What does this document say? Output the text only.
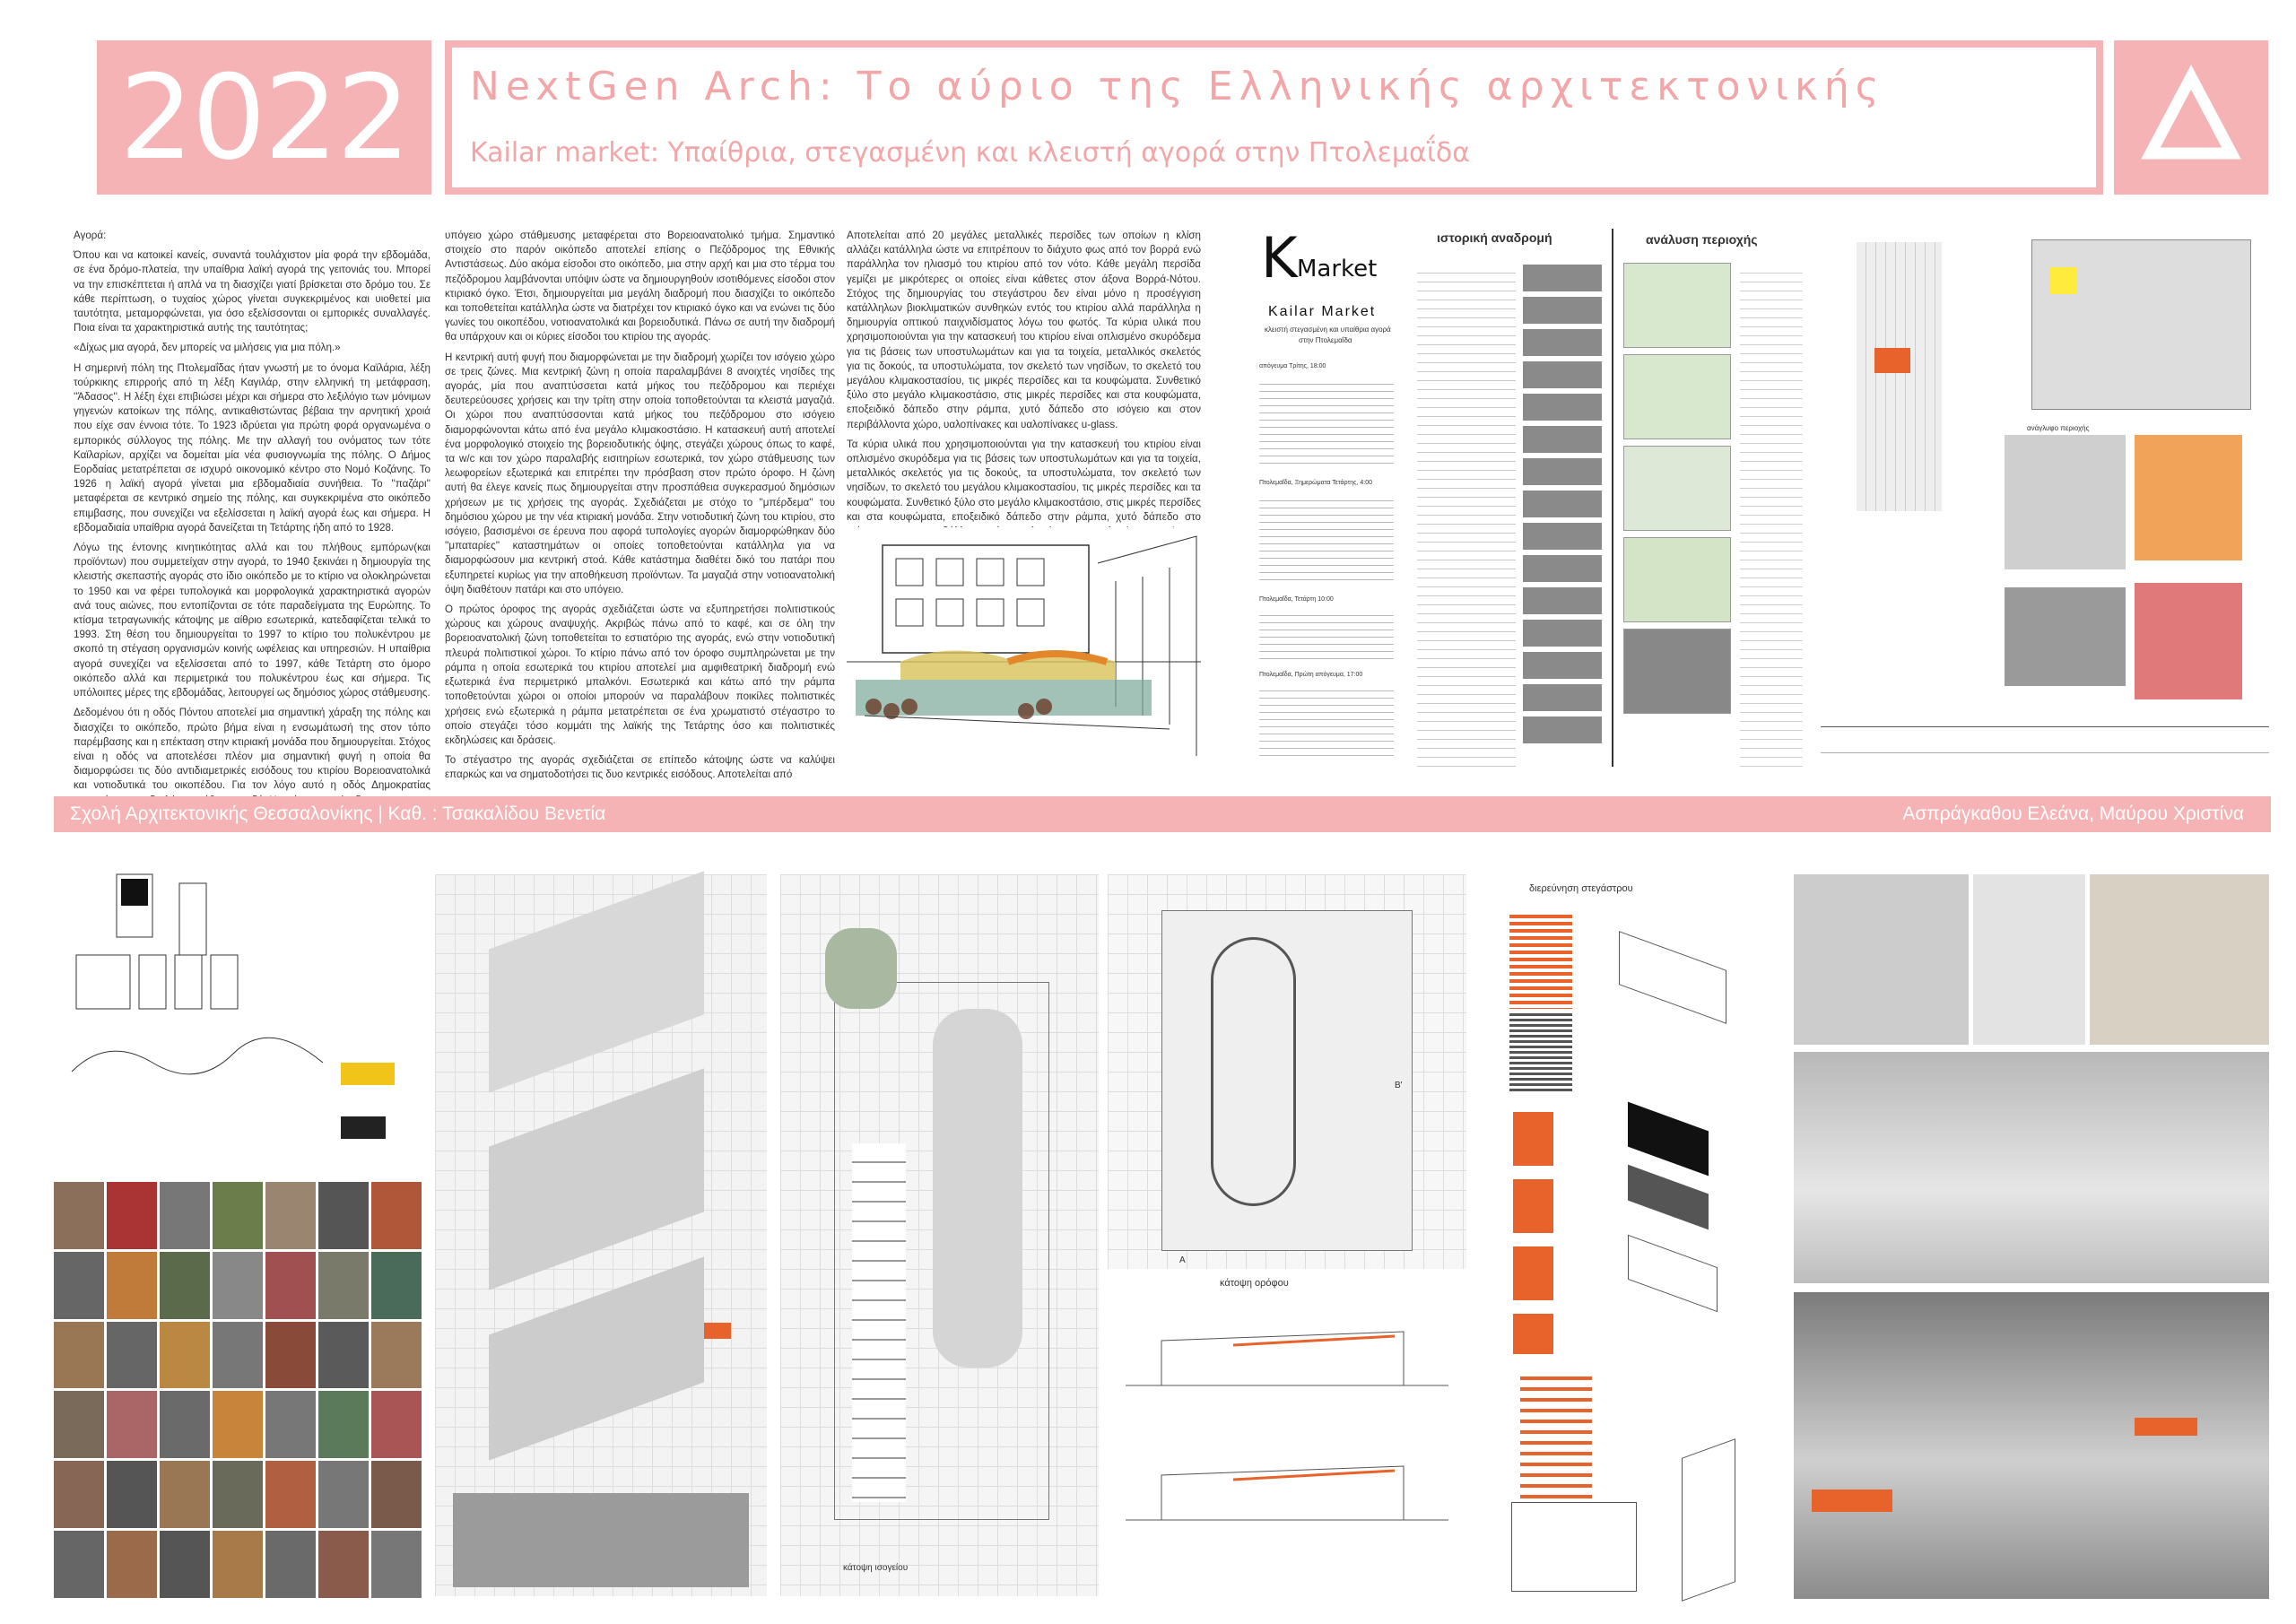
2022 NextGen Arch: Το αύριο της Ελληνικής αρχιτεκτονικής
Kailar market: Υπαίθρια, στεγασμένη και κλειστή αγορά στην Πτολεμαΐδα

Αγορά:

Όπου και να κατοικεί κανείς, συναντά τουλάχιστον μία φορά την εβδομάδα, σε ένα δρόμο-πλατεία, την υπαίθρια λαϊκή αγορά της γειτονιάς του. Μπορεί να την επισκέπτεται ή απλά να τη διασχίζει γιατί βρίσκεται στο δρόμο του. Σε κάθε περίπτωση, ο τυχαίος χώρος γίνεται συγκεκριμένος και υιοθετεί μια ταυτότητα, μεταμορφώνεται, για όσο εξελίσσονται οι εμπορικές συναλλαγές. Ποια είναι τα χαρακτηριστικά αυτής της ταυτότητας;

«Δίχως μια αγορά, δεν μπορείς να μιλήσεις για μια πόλη.»

Η σημερινή πόλη της Πτολεμαΐδας ήταν γνωστή με το όνομα Καϊλάρια, λέξη τούρκικης επιρροής από τη λέξη Καγιλάρ, στην ελληνική τη μετάφραση, ''Άδασος''. Η λέξη έχει επιβιώσει μέχρι και σήμερα στο λεξιλόγιο των μόνιμων γηγενών κατοίκων της πόλης, αντικαθιστώντας βέβαια την αρνητική χροιά που είχε σαν έννοια τότε. Το 1923 ιδρύεται για πρώτη φορά οργανωμένα ο εμπορικός σύλλογος της πόλης. Με την αλλαγή του ονόματος των τότε Καϊλαρίων, αρχίζει να δομείται μία νέα φυσιογνωμία της πόλης. Ο Δήμος Εορδαίας μετατρέπεται σε ισχυρό οικονομικό κέντρο στο Νομό Κοζάνης. Το 1926 η λαϊκή αγορά γίνεται μια εβδομαδιαία συνήθεια. Το ''παζάρι'' μεταφέρεται σε κεντρικό σημείο της πόλης, και συγκεκριμένα στο οικόπεδο επιμβασης, που συνεχίζει να εξελίσσεται η λαϊκή αγορά έως και σήμερα. Η εβδομαδιαία υπαίθρια αγορά δανείζεται τη Τετάρτης ήδη από το 1928.

Λόγω της έντονης κινητικότητας αλλά και του πλήθους εμπόρων(και προϊόντων) που συμμετείχαν στην αγορά, το 1940 ξεκινάει η δημιουργία της κλειστής σκεπαστής αγοράς στο ίδιο οικόπεδο με το κτίριο να ολοκληρώνεται το 1950 και να φέρει τυπολογικά και μορφολογικά χαρακτηριστικά αγορών ανά τους αιώνες, που εντοπίζονται σε τότε παραδείγματα της Ευρώπης. Το κτίσμα τετραγωνικής κάτοψης με αίθριο εσωτερικά, κατεδαφίζεται τελικά το 1993. Στη θέση του δημιουργείται το 1997 το κτίριο του πολυκέντρου με σκοπό τη στέγαση οργανισμών κοινής ωφέλειας και υπηρεσιών. Η υπαίθρια αγορά συνεχίζει να εξελίσσεται από το 1997, κάθε Τετάρτη στο όμορο οικόπεδο αλλά και περιμετρικά του πολυκέντρου έως και σήμερα. Τις υπόλοιπες μέρες της εβδομάδας, λειτουργεί ως δημόσιος χώρος στάθμευσης.

Δεδομένου ότι η οδός Πόντου αποτελεί μια σημαντική χάραξη της πόλης και διασχίζει το οικόπεδο, πρώτο βήμα είναι η ενσωμάτωσή της στον τόπο παρέμβασης και η επέκταση στην κτιριακή μονάδα που δημιουργείται. Στόχος είναι η οδός να αποτελέσει πλέον μια σημαντική φυγή η οποία θα διαμορφώσει τις δύο αντιδιαμετρικές εισόδους του κτιρίου Βορειοανατολικά και νοτιοδυτικά του οικοπέδου. Για τον λόγο αυτό η οδός Δημοκρατίας

υπόγειο χώρο στάθμευσης μεταφέρεται στο Βορειοανατολικό τμήμα. Σημαντικό στοιχείο στο παρόν οικόπεδο αποτελεί επίσης ο Πεζόδρομος της Εθνικής Αντιστάσεως. Δύο ακόμα είσοδοι στο οικόπεδο, μια στην αρχή και μια στο τέρμα του πεζόδρομου λαμβάνονται υπόψιν ώστε να δημιουργηθούν ισοτιθόμενες είσοδοι στον κτιριακό όγκο. Έτσι, δημιουργείται μια μεγάλη διαδρομή που διασχίζει το οικόπεδο και τοποθετείται κατάλληλα ώστε να διατρέχει τον κτιριακό όγκο και να ενώνει τις δύο γωνίες του οικοπέδου, νοτιοανατολικά και βορειοδυτικά. Πάνω σε αυτή την διαδρομή θα υπάρχουν και οι κύριες είσοδοι του κτιρίου της αγοράς.

Η κεντρική αυτή φυγή που διαμορφώνεται με την διαδρομή χωρίζει τον ισόγειο χώρο σε τρεις ζώνες. Μια κεντρική ζώνη η οποία παραλαμβάνει 8 ανοιχτές νησίδες της αγοράς, μία που αναπτύσσεται κατά μήκος του πεζόδρομου και περιέχει δευτερεύουσες χρήσεις και την τρίτη στην οποία τοποθετούνται τα κλειστά μαγαζιά. Οι χώροι που αναπτύσσονται κατά μήκος του πεζόδρομου στο ισόγειο διαμορφώνονται κάτω από ένα μεγάλο κλιμακοστάσιο. Η κατασκευή αυτή αποτελεί ένα μορφολογικό στοιχείο της βορειοδυτικής όψης, στεγάζει χώρους όπως το καφέ, τα w/c και τον χώρο παραλαβής εισιτηρίων εσωτερικά, τον χώρο στάθμευσης των λεωφορείων εξωτερικά και επιτρέπει την πρόσβαση στον πρώτο όροφο. Η ζώνη αυτή θα έλεγε κανείς πως δημιουργείται στην προσπάθεια συγκερασμού δημόσιων χρήσεων με τις χρήσεις της αγοράς. Σχεδιάζεται με στόχο το ''μπέρδεμα'' του δημόσιου χώρου με την νέα κτιριακή μονάδα. Στην νοτιοδυτική ζώνη του κτιρίου, στο ισόγειο, βασισμένοι σε έρευνα που αφορά τυπολογίες αγορών διαμορφώθηκαν δύο ''μπαταρίες'' καταστημάτων οι οποίες τοποθετούνται κατάλληλα για να διαμορφώσουν μια κεντρική στοά. Κάθε κατάστημα διαθέτει δικό του πατάρι που εξυπηρετεί κυρίως για την αποθήκευση προϊόντων. Τα μαγαζιά στην νοτιοανατολική όψη διαθέτουν πατάρι και στο υπόγειο.

Ο πρώτος όροφος της αγοράς σχεδιάζεται ώστε να εξυπηρετήσει πολιτιστικούς χώρους και χώρους αναψυχής. Ακριβώς πάνω από το καφέ, και σε όλη την βορειοανατολική ζώνη τοποθετείται το εστιατόριο της αγοράς, ενώ στην νοτιοδυτική πλευρά πολιτιστικοί χώροι. Το κτίριο πάνω από τον όροφο συμπληρώνεται με την ράμπα η οποία εσωτερικά του κτιρίου αποτελεί μια αμφιθεατρική διαδρομή ενώ εξωτερικά ένα περιμετρικό μπαλκόνι. Εσωτερικά και κάτω από την ράμπα τοποθετούνται χώροι οι οποίοι μπορούν να παραλάβουν ποικίλες πολιτιστικές χρήσεις ενώ εξωτερικά η ράμπα μετατρέπεται σε ένα χρωματιστό στέγαστρο το οποίο στεγάζει τόσο κομμάτι της λαϊκής της Τετάρτης όσο και πολιτιστικές εκδηλώσεις και δράσεις.

Το στέγαστρο της αγοράς σχεδιάζεται σε επίπεδο κάτοψης ώστε να καλύψει επαρκώς και να σηματοδοτήσει τις δυο κεντρικές εισόδους. Αποτελείται από

Αποτελείται από 20 μεγάλες μεταλλικές περσίδες των οποίων η κλίση αλλάζει κατάλληλα ώστε να επιτρέπουν το διάχυτο φως από τον βορρά ενώ παράλληλα τον ηλιασμό του κτιρίου από τον νότο. Κάθε μεγάλη περσίδα γεμίζει με μικρότερες οι οποίες είναι κάθετες στον άξονα Βορρά-Νότου. Στόχος της δημιουργίας του στεγάστρου δεν είναι μόνο η προσέγγιση κατάλληλων βιοκλιματικών συνθηκών εντός του κτιρίου αλλά παράλληλα η δημιουργία οπτικού παιχνιδίσματος λόγω του φωτός. Τα κύρια υλικά που χρησιμοποιούνται για την κατασκευή του κτιρίου είναι οπλισμένο σκυρόδεμα για τις βάσεις των υποστυλωμάτων και για τα τοιχεία, μεταλλικός σκελετός για τις δοκούς, τα υποστυλώματα, τον σκελετό των νησίδων, το σκελετό του μεγάλου κλιμακοστασίου, τις μικρές περσίδες και τα κουφώματα. Συνθετικό ξύλο στο μεγάλο κλιμακοστάσιο, στις μικρές περσίδες και στα κουφώματα, εποξειδικό δάπεδο στην ράμπα, χυτό δάπεδο στο ισόγειο και στον περιβάλλοντα χώρο, υαλοπίνακες και υαλοπίνακες u-glass.

Τα κύρια υλικά που χρησιμοποιούνται για την κατασκευή του κτιρίου είναι οπλισμένο σκυρόδεμα για τις βάσεις των υποστυλωμάτων και για τα τοιχεία, μεταλλικός σκελετός για τις δοκούς, τα υποστυλώματα, τον σκελετό των νησίδων, το σκελετό του μεγάλου κλιμακοστασίου, τις μικρές περσίδες και τα κουφώματα. Συνθετικό ξύλο στο μεγάλο κλιμακοστάσιο, στις μικρές περσίδες και στα κουφώματα, εποξειδικό δάπεδο στην ράμπα, χυτό δάπεδο στο

K Market
Kailar Market
κλειστή στεγασμένη και υπαίθρια αγορά
στην Πτολεμαΐδα
απόγευμα Τρίτης, 18:00
Πτολεμαΐδα, Ξημερώματα Τετάρτης, 4:00
Πτολεμαΐδα, Τετάρτη 10:00
Πτολεμαΐδα, Πρώτη απόγευμα, 17:00
ιστορική αναδρομή	ανάλυση περιοχής
ανάγλυφο περιοχής
Σχολή Αρχιτεκτονικής Θεσσαλονίκης | Καθ. : Τσακαλίδου Βενετία	Ασπράγκαθου Ελεάνα, Μαύρου Χριστίνα
κάτοψη ισογείου
A
B'
κάτοψη ορόφου
διερεύνηση στεγάστρου
